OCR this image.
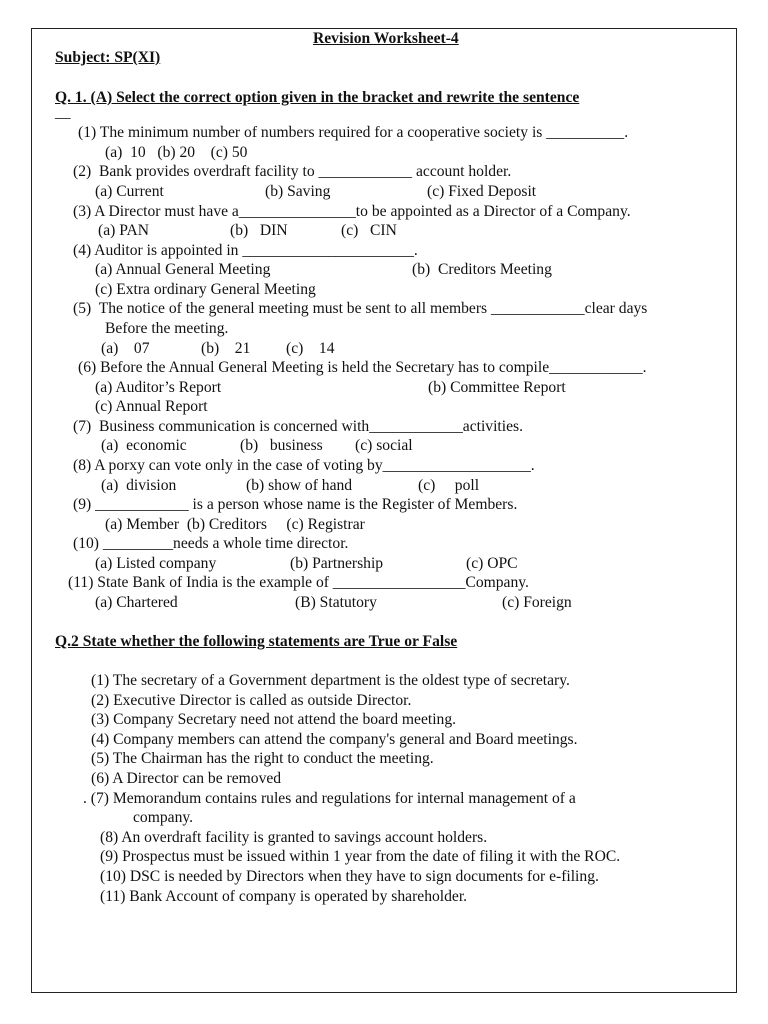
Revision Worksheet-4
Subject: SP(XI)
Q. 1. (A) Select the correct option given in the bracket and rewrite the sentence
__
(1) The minimum number of numbers required for a cooperative society is __________.
(a)  10   (b) 20    (c) 50
(2)  Bank provides overdraft facility to ____________ account holder.
(a) Current	(b) Saving	(c) Fixed Deposit
(3) A Director must have a_______________to be appointed as a Director of a Company.
(a) PAN	(b)   DIN	(c)   CIN
(4) Auditor is appointed in ______________________.
(a) Annual General Meeting	(b)  Creditors Meeting
(c) Extra ordinary General Meeting
(5)  The notice of the general meeting must be sent to all members ____________clear days
Before the meeting.
(a)    07	(b)    21 (c)    14
(6) Before the Annual General Meeting is held the Secretary has to compile____________.
(a) Auditor’s Report	(b) Committee Report
(c) Annual Report
(7)  Business communication is concerned with____________activities.
(a)  economic	(b)   business (c) social
(8) A porxy can vote only in the case of voting by___________________.
(a)  division	(b) show of hand	(c)     poll
(9) ____________ is a person whose name is the Register of Members.
(a) Member  (b) Creditors     (c) Registrar
(10) _________needs a whole time director.
(a) Listed company	(b) Partnership	(c) OPC
(11) State Bank of India is the example of _________________Company.
(a) Chartered	(B) Statutory	(c) Foreign
Q.2 State whether the following statements are True or False
(1) The secretary of a Government department is the oldest type of secretary.
(2) Executive Director is called as outside Director.
(3) Company Secretary need not attend the board meeting.
(4) Company members can attend the company's general and Board meetings.
(5) The Chairman has the right to conduct the meeting.
(6) A Director can be removed
. (7) Memorandum contains rules and regulations for internal management of a
company.
(8) An overdraft facility is granted to savings account holders.
(9) Prospectus must be issued within 1 year from the date of filing it with the ROC.
(10) DSC is needed by Directors when they have to sign documents for e-filing.
(11) Bank Account of company is operated by shareholder.
